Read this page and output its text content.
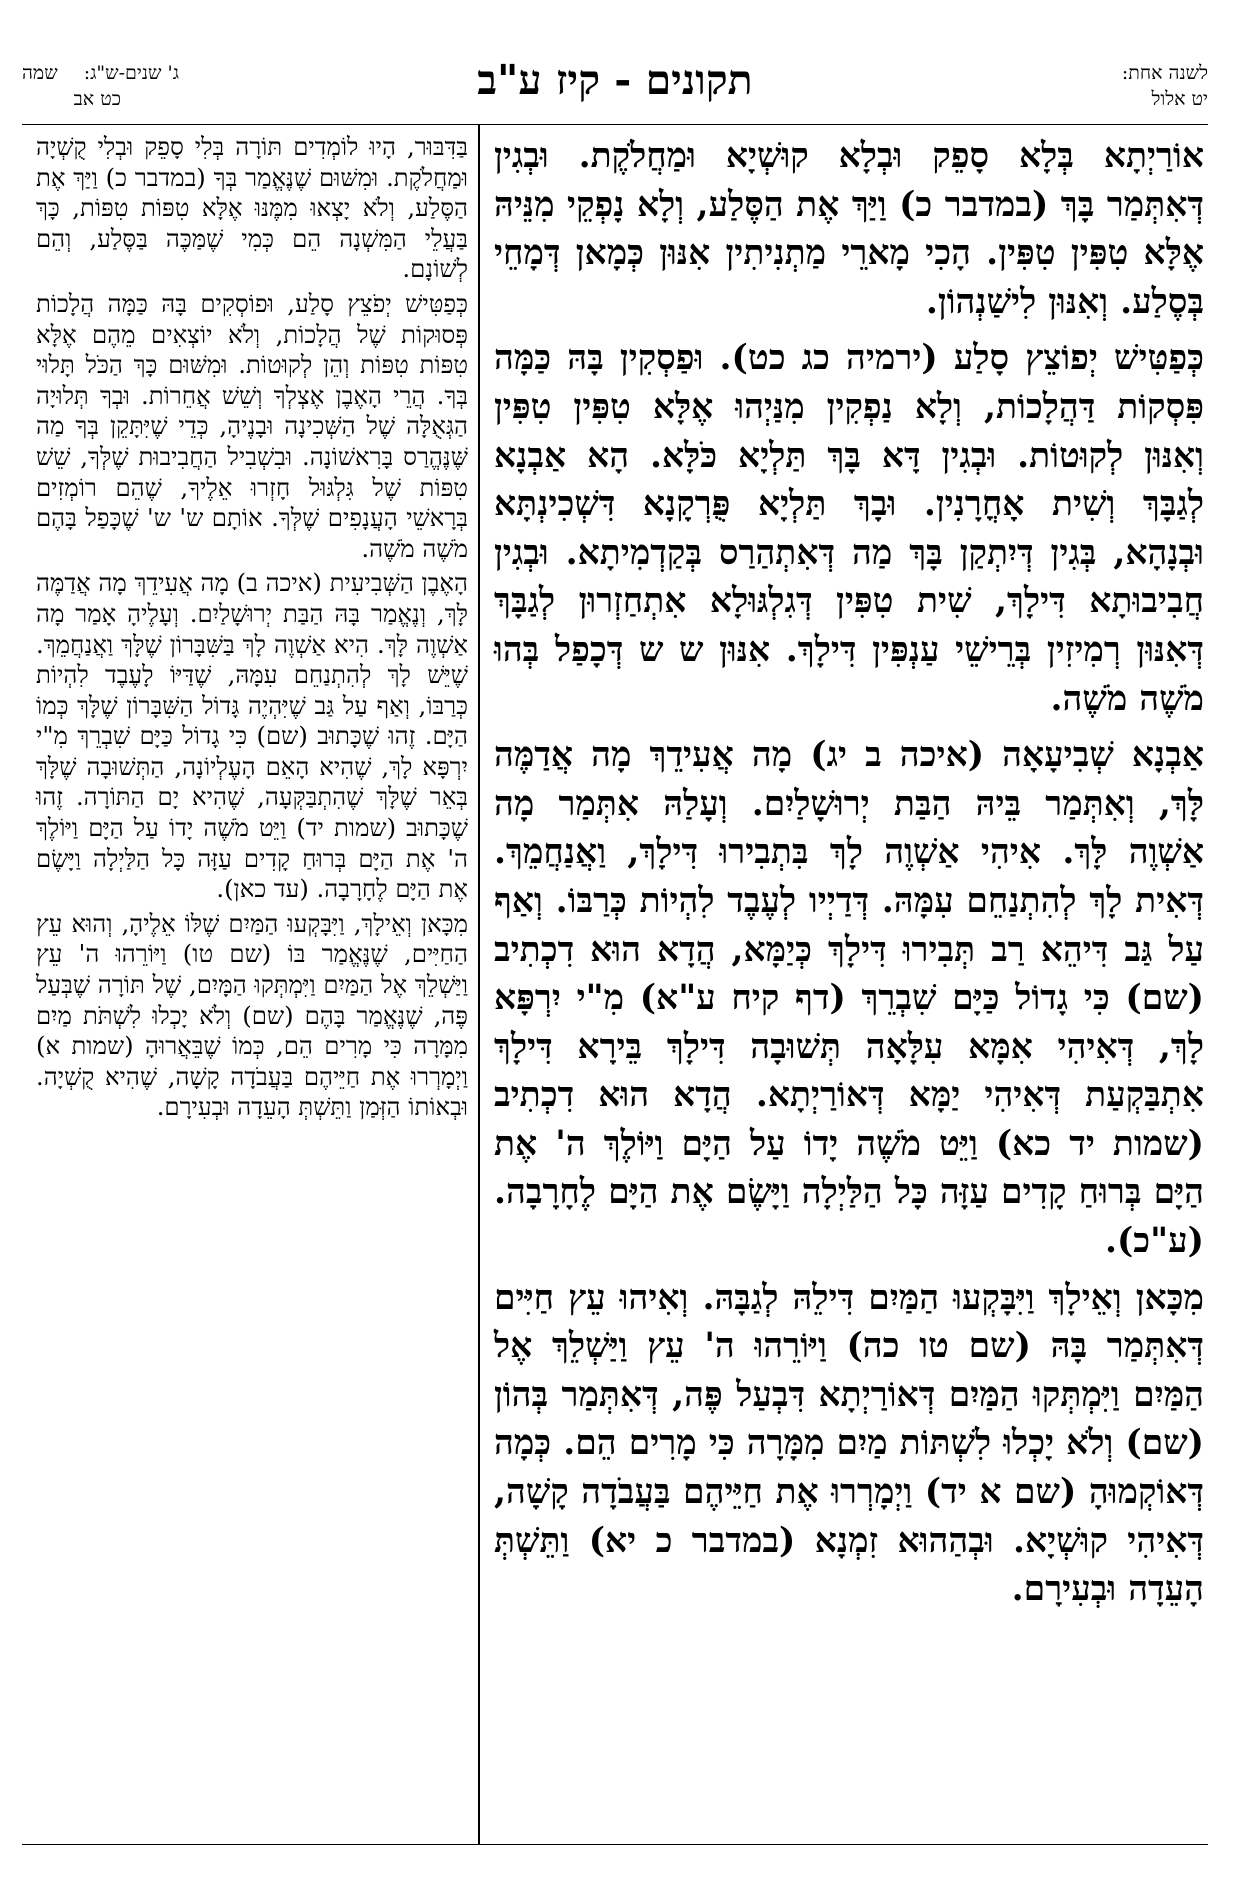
לשנה אחת:
יט אלול
תקונים - קיז ע"ב
ג' שנים-ש"ג: שמה
כט אב

אוֹרַיְתָא בְּלָא סָפֵק וּבְלָא קוּשְׁיָא וּמַחֲלֹקֶת. וּבְגִין דְּאִתְּמַר בָּךְ (במדבר כ) וַיַּךְ אֶת הַסֶּלַע, וְלָא נָפְקֵי מִנֵּיהּ אֶלָּא טִפִּין טִפִּין. הָכִי מָארֵי מַתְנִיתִין אִנּוּן כְּמָאן דְּמָחֵי בְּסֶלַע. וְאִנּוּן לִישַׁנְהוֹן.

כְּפַטִּישׁ יְפוֹצֵץ סָלַע (ירמיה כג כט). וּפַסְקִין בָּהּ כַּמָּה פִּסְקוֹת דַּהֲלָכוֹת, וְלָא נַפְקִין מִנַּיְהוּ אֶלָּא טִפִּין טִפִּין וְאִנּוּן לְקוּטוֹת. וּבְגִין דָּא בָּךְ תַּלְיָא כֹּלָּא. הָא אַבְנָא לְגַבָּךְ וְשִׁית אָחֳרָנִין. וּבָךְ תַּלְיָא פֻּרְקָנָא דִּשְׁכִינְתָּא וּבְנָהָא, בְּגִין דְּיִתְקַן בָּךְ מַה דְּאִתְהַרַס בְּקַדְמִיתָא. וּבְגִין חֲבִיבוּתָא דִּילָךְ, שִׁית טִפִּין דְּגִלְגּוּלָא אִתְחַזְרוּן לְגַבָּךְ דְּאִנּוּן רְמִיזִין בְּרֵישֵׁי עַנְפִּין דִּילָךְ. אִנּוּן ש ש דְּכָפַל בְּהוּ מֹשֶׁה מֹשֶׁה.

אַבְנָא שְׁבִיעָאָה (איכה ב יג) מָה אֲעִידֵךְ מָה אֲדַמֶּה לָּךְ, וְאִתְּמַר בֵּיהּ הַבַּת יְרוּשָׁלַיִם. וְעָלַהּ אִתְּמַר מָה אַשְׁוֶה לָּךְ. אִיהִי אַשְׁוֶה לָךְ בִּתְבִירוּ דִּילָךְ, וַאֲנַחֲמֵךְ. דְּאִית לָךְ לְהִתְנַחֵם עִמָּהּ. דְּדַיְיו לְעֶבֶד לִהְיוֹת כְּרַבּוֹ. וְאַף עַל גַּב דִּיהֵא רַב תְּבִירוּ דִּילָךְ כְּיַמָּא, הֲדָא הוּא דִכְתִיב (שם) כִּי גָדוֹל כַּיָּם שִׁבְרֵךְ (דף קיח ע"א) מִ"י יִרְפָּא לָךְ, דְּאִיהִי אִמָּא עִלָּאָה תְּשׁוּבָה דִּילָךְ בֵּירָא דִּילָךְ אִתְבַּקְעַת דְּאִיהִי יַמָּא דְּאוֹרַיְתָא. הֲדָא הוּא דִכְתִיב (שמות יד כא) וַיֵּט מֹשֶׁה יָדוֹ עַל הַיָּם וַיּוֹלֶךְ ה' אֶת הַיָּם בְּרוּחַ קָדִים עַזָּה כָּל הַלַּיְלָה וַיָּשֶׂם אֶת הַיָּם לֶחָרָבָה. (ע"כ).

מִכָּאן וְאֵילָךְ וַיִּבָּקְעוּ הַמַּיִם דִּילֵהּ לְגַבָּהּ. וְאִיהוּ עֵץ חַיִּים דְּאִתְּמַר בָּהּ (שם טו כה) וַיּוֹרֵהוּ ה' עֵץ וַיַּשְׁלֵךְ אֶל הַמַּיִם וַיִּמְתְּקוּ הַמַּיִם דְּאוֹרַיְתָא דִּבְעַל פֶּה, דְּאִתְּמַר בְּהוֹן (שם) וְלֹא יָכְלוּ לִשְׁתּוֹת מַיִם מִמָּרָה כִּי מָרִים הֵם. כְּמָה דְּאוֹקְמוּהָ (שם א יד) וַיְמָרְרוּ אֶת חַיֵּיהֶם בַּעֲבֹדָה קָשָׁה, דְּאִיהִי קוּשְׁיָא. וּבְהַהוּא זִמְנָא (במדבר כ יא) וַתֵּשְׁתְּ הָעֵדָה וּבְעִירָם.

בַּדִּבּוּר, הָיוּ לוֹמְדִים תּוֹרָה בְּלִי סָפֵק וּבְלִי קֻשְׁיָה וּמַחֲלֹקֶת. וּמִשּׁוּם שֶׁנֶּאֱמַר בְּךָ (במדבר כ) וַיַּךְ אֶת הַסֶּלַע, וְלֹא יָצְאוּ מִמֶּנּוּ אֶלָּא טִפּוֹת טִפּוֹת, כָּךְ בַּעֲלֵי הַמִּשְׁנָה הֵם כְּמִי שֶׁמַּכֶּה בַּסֶּלַע, וְהֵם לְשׁוֹנָם.

כְּפַטִּישׁ יְפֹצֵץ סָלַע, וּפוֹסְקִים בָּהּ כַּמָּה הֲלָכוֹת פְּסוּקוֹת שֶׁל הֲלָכוֹת, וְלֹא יוֹצְאִים מֵהֶם אֶלָּא טִפּוֹת טִפּוֹת וְהֵן לְקוּטוֹת. וּמִשּׁוּם כָּךְ הַכֹּל תָּלוּי בְּךָ. הֲרֵי הָאֶבֶן אֶצְלְךָ וְשֵׁשׁ אֲחֵרוֹת. וּבְךָ תְּלוּיָה הַגְּאֻלָּה שֶׁל הַשְּׁכִינָה וּבָנֶיהָ, כְּדֵי שֶׁיִּתָּקֵן בְּךָ מַה שֶּׁנֶּהֱרַס בָּרִאשׁוֹנָה. וּבִשְׁבִיל הַחֲבִיבוּת שֶׁלְּךָ, שֵׁשׁ טִפּוֹת שֶׁל גִּלְגּוּל חָזְרוּ אֵלֶיךָ, שֶׁהֵם רוֹמְזִים בְּרָאשֵׁי הָעֲנָפִים שֶׁלְּךָ. אוֹתָם ש' ש' שֶׁכָּפַל בָּהֶם מֹשֶׁה מֹשֶׁה.

הָאֶבֶן הַשְּׁבִיעִית (איכה ב) מָה אֲעִידֵךְ מָה אֲדַמֶּה לָּךְ, וְנֶאֱמַר בָּהּ הַבַּת יְרוּשָׁלַיִם. וְעָלֶיהָ אָמַר מָה אַשְׁוֶה לָּךְ. הִיא אַשְׁוֶה לָךְ בַּשִּׁבָּרוֹן שֶׁלָּךְ וַאֲנַחֲמֵךְ. שֶׁיֵּשׁ לָךְ לְהִתְנַחֵם עִמָּהּ, שֶׁדַּיּוֹ לָעֶבֶד לִהְיוֹת כְּרַבּוֹ, וְאַף עַל גַּב שֶׁיִּהְיֶה גָּדוֹל הַשִּׁבָּרוֹן שֶׁלָּךְ כְּמוֹ הַיָּם. זֶהוּ שֶׁכָּתוּב (שם) כִּי גָדוֹל כַּיָּם שִׁבְרֵךְ מִ"י יִרְפָּא לָךְ, שֶׁהִיא הָאֵם הָעֶלְיוֹנָה, הַתְּשׁוּבָה שֶׁלָּךְ בְּאֵר שֶׁלָּךְ שֶׁהִתְבַּקְּעָה, שֶׁהִיא יָם הַתּוֹרָה. זֶהוּ שֶׁכָּתוּב (שמות יד) וַיֵּט מֹשֶׁה יָדוֹ עַל הַיָּם וַיּוֹלֶךְ ה' אֶת הַיָּם בְּרוּחַ קָדִים עַזָּה כָּל הַלַּיְלָה וַיָּשֶׂם אֶת הַיָּם לֶחָרָבָה. (עד כאן).

מִכָּאן וְאֵילָךְ, וַיִּבָּקְעוּ הַמַּיִם שֶׁלּוֹ אֵלֶיהָ, וְהוּא עֵץ הַחַיִּים, שֶׁנֶּאֱמַר בּוֹ (שם טו) וַיּוֹרֵהוּ ה' עֵץ וַיַּשְׁלֵךְ אֶל הַמַּיִם וַיִּמְתְּקוּ הַמָּיִם, שֶׁל תּוֹרָה שֶׁבְּעַל פֶּה, שֶׁנֶּאֱמַר בָּהֶם (שם) וְלֹא יָכְלוּ לִשְׁתֹּת מַיִם מִמָּרָה כִּי מָרִים הֵם, כְּמוֹ שֶׁבֵּאֲרוּהָ (שמות א) וַיְמָרְרוּ אֶת חַיֵּיהֶם בַּעֲבֹדָה קָשָׁה, שֶׁהִיא קֻשְׁיָה. וּבְאוֹתוֹ הַזְּמַן וַתֵּשְׁתְּ הָעֵדָה וּבְעִירָם.
